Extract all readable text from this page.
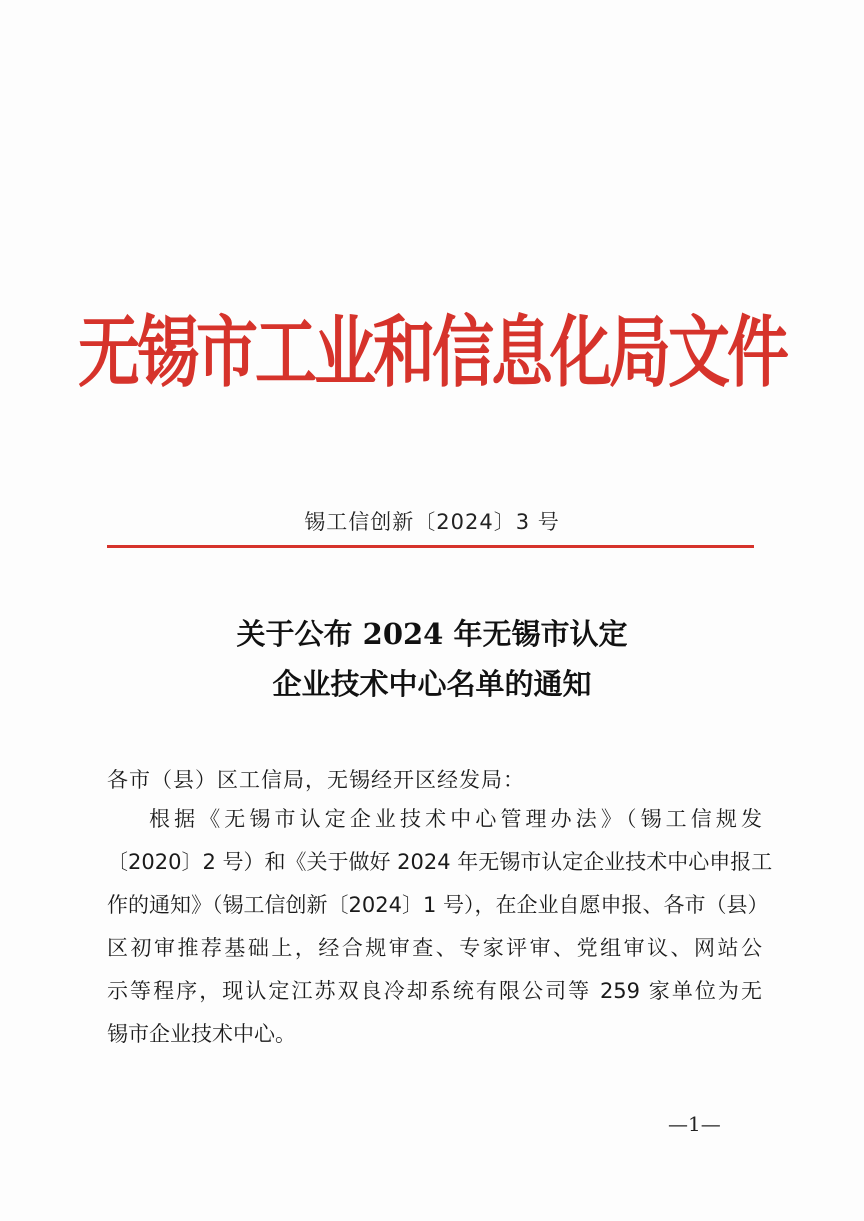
无锡市工业和信息化局文件
锡工信创新〔2024〕3 号
关于公布 2024 年无锡市认定
企业技术中心名单的通知
各市（县）区工信局，无锡经开区经发局：
根据《无锡市认定企业技术中心管理办法》（锡工信规发
〔2020〕2 号）和《关于做好 2024 年无锡市认定企业技术中心申报工
作的通知》（锡工信创新〔2024〕1 号），在企业自愿申报、各市（县）
区初审推荐基础上，经合规审查、专家评审、党组审议、网站公
示等程序，现认定江苏双良冷却系统有限公司等 259 家单位为无
锡市企业技术中心。
—1—
